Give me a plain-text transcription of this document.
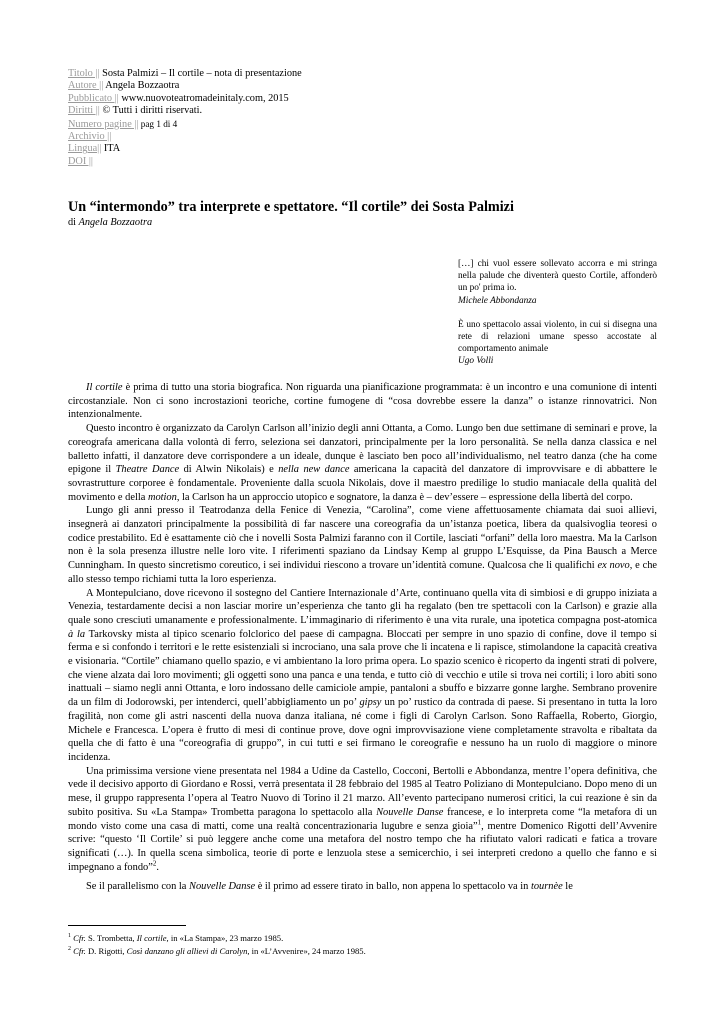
Titolo || Sosta Palmizi – Il cortile – nota di presentazione
Autore || Angela Bozzaotra
Pubblicato || www.nuovoteatromadeinitaly.com, 2015
Diritti || © Tutti i diritti riservati.
Numero pagine || pag 1 di 4
Archivio ||
Lingua|| ITA
DOI ||
Un “intermondo” tra interprete e spettatore. “Il cortile” dei Sosta Palmizi
di Angela Bozzaotra
[…] chi vuol essere sollevato accorra e mi stringa nella palude che diventerà questo Cortile, affonderò un po' prima io.
Michele Abbondanza
È uno spettacolo assai violento, in cui si disegna una rete di relazioni umane spesso accostate al comportamento animale
Ugo Volli

Il cortile è prima di tutto una storia biografica. Non riguarda una pianificazione programmata: è un incontro e una comunione di intenti circostanziale. Non ci sono incrostazioni teoriche, cortine fumogene di “cosa dovrebbe essere la danza” o istanze rinnovatrici. Non intenzionalmente.

Questo incontro è organizzato da Carolyn Carlson all’inizio degli anni Ottanta, a Como. Lungo ben due settimane di seminari e prove, la coreografa americana dalla volontà di ferro, seleziona sei danzatori, principalmente per la loro personalità. Se nella danza classica e nel balletto infatti, il danzatore deve corrispondere a un ideale, dunque è lasciato ben poco all’individualismo, nel teatro danza (che ha come epigone il Theatre Dance di Alwin Nikolais) e nella new dance americana la capacità del danzatore di improvvisare e di abbattere le sovrastrutture corporee è fondamentale. Proveniente dalla scuola Nikolais, dove il maestro predilige lo studio maniacale della qualità del movimento e della motion, la Carlson ha un approccio utopico e sognatore, la danza è – dev’essere – espressione della libertà del corpo.

Lungo gli anni presso il Teatrodanza della Fenice di Venezia, “Carolina”, come viene affettuosamente chiamata dai suoi allievi, insegnerà ai danzatori principalmente la possibilità di far nascere una coreografia da un’istanza poetica, libera da qualsivoglia teoresi o codice prestabilito. Ed è esattamente ciò che i novelli Sosta Palmizi faranno con il Cortile, lasciati “orfani” della loro maestra. Ma la Carlson non è la sola presenza illustre nelle loro vite. I riferimenti spaziano da Lindsay Kemp al gruppo L’Esquisse, da Pina Bausch a Merce Cunningham. In questo sincretismo coreutico, i sei individui riescono a trovare un’identità comune. Qualcosa che li qualifichi ex novo, e che allo stesso tempo richiami tutta la loro esperienza.

A Montepulciano, dove ricevono il sostegno del Cantiere Internazionale d’Arte, continuano quella vita di simbiosi e di gruppo iniziata a Venezia, testardamente decisi a non lasciar morire un’esperienza che tanto gli ha regalato (ben tre spettacoli con la Carlson) e grazie alla quale sono cresciuti umanamente e professionalmente. L’immaginario di riferimento è una vita rurale, una ipotetica compagna post-atomica à la Tarkovsky mista al tipico scenario folclorico del paese di campagna. Bloccati per sempre in uno spazio di confine, dove il tempo si ferma e si confondo i territori e le rette esistenziali si incrociano, una sala prove che li incatena e li rapisce, stimolandone la capacità creativa e visionaria. “Cortile” chiamano quello spazio, e vi ambientano la loro prima opera. Lo spazio scenico è ricoperto da ingenti strati di polvere, che viene alzata dai loro movimenti; gli oggetti sono una panca e una tenda, e tutto ciò di vecchio e utile si trova nei cortili; i loro abiti sono inattuali – siamo negli anni Ottanta, e loro indossano delle camiciole ampie, pantaloni a sbuffo e bizzarre gonne larghe. Sembrano provenire da un film di Jodorowski, per intenderci, quell’abbigliamento un po’ gipsy un po’ rustico da contrada di paese. Si presentano in tutta la loro fragilità, non come gli astri nascenti della nuova danza italiana, né come i figli di Carolyn Carlson. Sono Raffaella, Roberto, Giorgio, Michele e Francesca. L’opera è frutto di mesi di continue prove, dove ogni improvvisazione viene completamente stravolta e ribaltata da quella che di fatto è una “coreografia di gruppo”, in cui tutti e sei firmano le coreografie e nessuno ha un ruolo di maggiore o minore incidenza.

Una primissima versione viene presentata nel 1984 a Udine da Castello, Cocconi, Bertolli e Abbondanza, mentre l’opera definitiva, che vede il decisivo apporto di Giordano e Rossi, verrà presentata il 28 febbraio del 1985 al Teatro Poliziano di Montepulciano. Dopo meno di un mese, il gruppo rappresenta l’opera al Teatro Nuovo di Torino il 21 marzo. All’evento partecipano numerosi critici, la cui reazione è sin da subito positiva. Su «La Stampa» Trombetta paragona lo spettacolo alla Nouvelle Danse francese, e lo interpreta come “la metafora di un mondo visto come una casa di matti, come una realtà concentrazionaria lugubre e senza gioia”$^1$, mentre Domenico Rigotti dell’Avvenire scrive: “questo ‘Il Cortile’ si può leggere anche come una metafora del nostro tempo che ha rifiutato valori radicati e fatica a trovare significati (…). In quella scena simbolica, teorie di porte e lenzuola stese a semicerchio, i sei interpreti credono a quello che fanno e si impegnano a fondo”$^2$.

Se il parallelismo con la Nouvelle Danse è il primo ad essere tirato in ballo, non appena lo spettacolo va in tournèe le

$^1$ Cfr. S. Trombetta, Il cortile, in «La Stampa», 23 marzo 1985.
$^2$ Cfr. D. Rigotti, Così danzano gli allievi di Carolyn, in «L’Avvenire», 24 marzo 1985.
